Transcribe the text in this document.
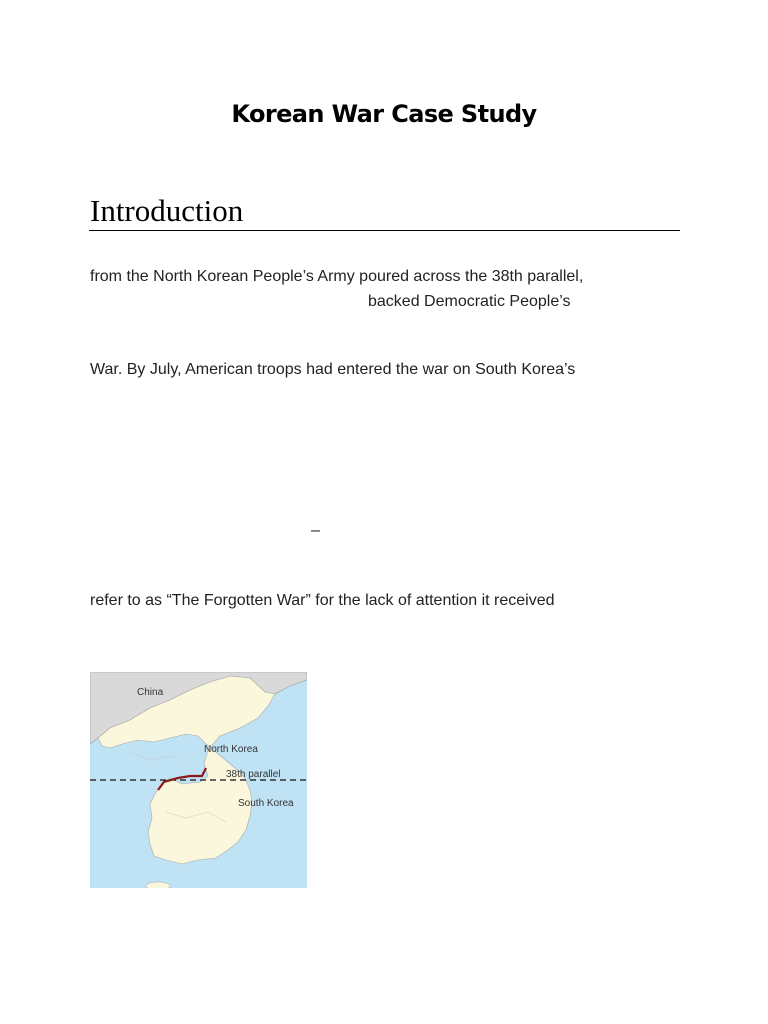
Korean War Case Study
Introduction
from the North Korean People’s Army poured across the 38th parallel,
backed Democratic People’s
War. By July, American troops had entered the war on South Korea’s
–
refer to as “The Forgotten War” for the lack of attention it received
China
North Korea
38th parallel
South Korea
